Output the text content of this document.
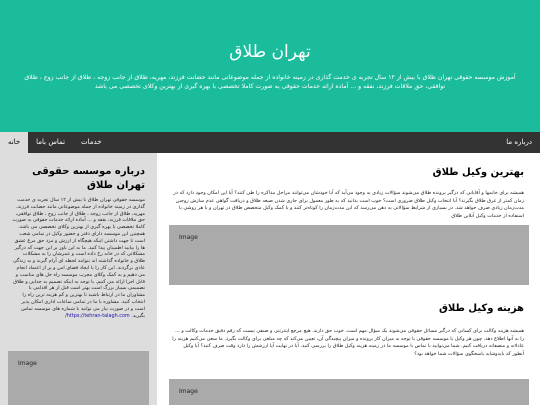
تهران طلاق

آموزش موسسه حقوقی تهران طلاق با بیش از ۱۲ سال تجربه ی خدمت گذاری در زمینه خانواده از جمله موضوعاتی مانند حضانت فرزند، مهریه، طلاق از جانب زوجه ، طلاق از جانب زوج ، طلاق توافقی، حق ملاقات فرزند، نفقه و ... آماده ارائه خدمات حقوقی به صورت کاملا تخصصی با بهره گیری از بهترین وکلای تخصصی می باشد

درباره ما
خانه	تماس باما	خدمات
درباره موسسه حقوقی تهران طلاق

موسسه حقوقی تهران طلاق با بیش از ۱۲ سال تجربه ی خدمت گذاری در زمینه خانواده از جمله موضوعاتی مانند حضانت فرزند، مهریه، طلاق از جانب زوجه ، طلاق از جانب زوج ، طلاق توافقی، حق ملاقات فرزند، نفقه و ... آماده ارائه خدمات حقوقی به صورت کاملا تخصصی با بهره گیری از بهترین وکلای تخصصی می باشد. همچنین این موسسه دارای دفتر و حضور وکیل در تمامی شعب است تا جهت داشتن اینکه هیچگاه از ارزش و مزد حق مرغ عشق ها را بیابید اطمینان پیدا کنید. ما به این باور بر این جهت که درگیر مشکلاتی که در خانه رخ داده است و عمرشان را به مشکلات طلاق و خانواده گذاشته اند بتوانند لحظه ای آرام گیرند و به زندگی عادی برگردند. این کار را با ایجاد فضای امن و پر از اعتماد انجام می دهیم و به کمک وکلای مجرب موسسه راه حل های مناسب و قابل اجرا ارائه می کنیم. با توجه به اینکه تصمیم به جدایی و طلاق تصمیمی بسیار بزرگ است بهتر است قبل از هر اقدامی با مشاوران ما در ارتباط باشید تا بهترین و کم هزینه ترین راه را انتخاب کنید. مشاوره با ما در تمامی ساعات اداری امکان پذیر است و در صورت نیاز می توانید با شماره های موسسه تماس بگیرید. https://tehran-talagh.com/

Image
بهترین وکیل طلاق

همیشه برای خانمها و آقایانی که درگیر پرونده طلاق می‌شوند سؤالات زیادی به وجود می‌آید که آیا خودشان می‌توانند مراحل مذاکره را طی کنند؟ آیا این امکان وجود دارد که در زمان کمتر از غرق طلاق بگیرند؟ آیا انتخاب وکیل طلاق ضروری است؟ خوب است بدانید که به طور معمول برای جاری شدن صیغه طلاق و دریافت گواهی عدم سازش زوجین مدت‌زمان زیادی صرف خواهد شد. در بسیاری از شرایط سؤالاتی به ذهن می‌رسد که این مدت‌زمان را کوتاه‌تر کنند و با کمک وکیل متخصص طلاق در تهران و با هر روشی با استفاده از خدمات وکیل آنلاین طلاق

Image
هزینه وکیل طلاق

همیشه هزینه وکالت برای کسانی که درگیر مسائل حقوقی می‌شوند یک سؤال مهم است. خوب حق دارند. هیچ مرجع ایتترنتی و صنفی نیست که رقم دقیق خدمات وکالت و ... را به آنها اطلاع دهد. چون هر وکیل یا موسسه حقوقی با توجه به میزان کار پرونده و میزان پیچیدگی آن، تعیین می‌کند که چه مبلغی برای وکالت بگیرد. ما سعی می‌کنیم هزینه را عادلانه و منصفانه دریافت کنیم. شما می‌توانید با تماس با موسسه ما در زمینه هزینه وکیل طلاق را بررسی کنید. آیا در نهایت آیا ارزشش را دارد وقت صرف کنید؟ آیا وکیل آنطور که بایدوشاید پاسخگوی سؤالات شما خواهد بود؟

Image
